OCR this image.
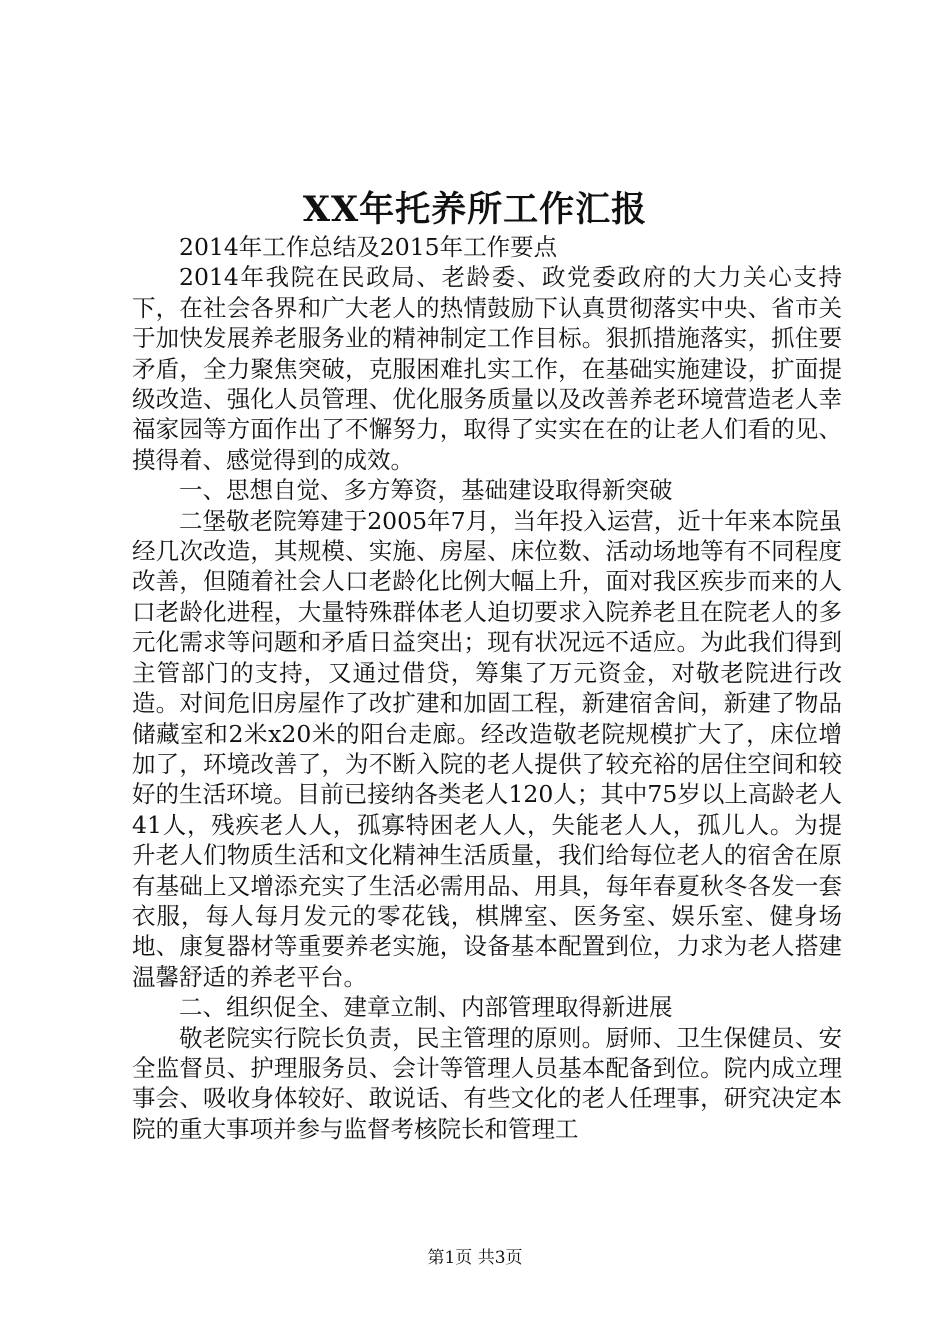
XX年托养所工作汇报

2014年工作总结及2015年工作要点

2014年我院在民政局、老龄委、政党委政府的大力关心支持下，在社会各界和广大老人的热情鼓励下认真贯彻落实中央、省市关于加快发展养老服务业的精神制定工作目标。狠抓措施落实，抓住要矛盾，全力聚焦突破，克服困难扎实工作，在基础实施建设，扩面提级改造、强化人员管理、优化服务质量以及改善养老环境营造老人幸福家园等方面作出了不懈努力，取得了实实在在的让老人们看的见、摸得着、感觉得到的成效。

一、思想自觉、多方筹资，基础建设取得新突破

二堡敬老院筹建于2005年7月，当年投入运营，近十年来本院虽经几次改造，其规模、实施、房屋、床位数、活动场地等有不同程度改善，但随着社会人口老龄化比例大幅上升，面对我区疾步而来的人口老龄化进程，大量特殊群体老人迫切要求入院养老且在院老人的多元化需求等问题和矛盾日益突出；现有状况远不适应。为此我们得到主管部门的支持，又通过借贷，筹集了万元资金，对敬老院进行改造。对间危旧房屋作了改扩建和加固工程，新建宿舍间，新建了物品储藏室和2米x20米的阳台走廊。经改造敬老院规模扩大了，床位增加了，环境改善了，为不断入院的老人提供了较充裕的居住空间和较好的生活环境。目前已接纳各类老人120人；其中75岁以上高龄老人41人，残疾老人人，孤寡特困老人人，失能老人人，孤儿人。为提升老人们物质生活和文化精神生活质量，我们给每位老人的宿舍在原有基础上又增添充实了生活必需用品、用具，每年春夏秋冬各发一套衣服，每人每月发元的零花钱，棋牌室、医务室、娱乐室、健身场地、康复器材等重要养老实施，设备基本配置到位，力求为老人搭建温馨舒适的养老平台。

二、组织促全、建章立制、内部管理取得新进展

敬老院实行院长负责，民主管理的原则。厨师、卫生保健员、安全监督员、护理服务员、会计等管理人员基本配备到位。院内成立理事会、吸收身体较好、敢说话、有些文化的老人任理事，研究决定本院的重大事项并参与监督考核院长和管理工

第1页 共3页
